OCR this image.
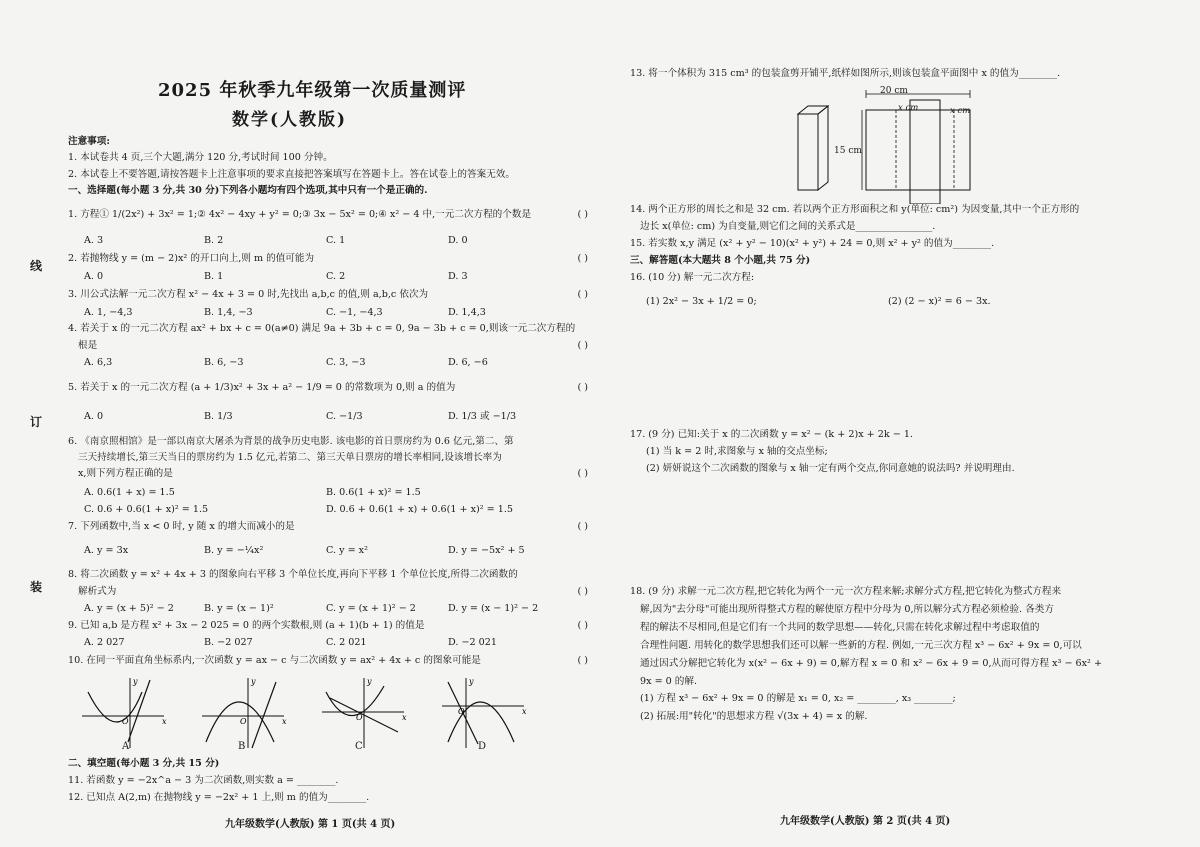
线
订
装
2025 年秋季九年级第一次质量测评
数学(人教版)
注意事项:
1. 本试卷共 4 页,三个大题,满分 120 分,考试时间 100 分钟。
2. 本试卷上不要答题,请按答题卡上注意事项的要求直接把答案填写在答题卡上。答在试卷上的答案无效。
一、选择题(每小题 3 分,共 30 分)下列各小题均有四个选项,其中只有一个是正确的.
1. 方程① 1/(2x²) + 3x² = 1;② 4x² − 4xy + y² = 0;③ 3x − 5x² = 0;④ x² − 4 中,一元二次方程的个数是	( )
A. 3	B. 2	C. 1	D. 0
2. 若抛物线 y = (m − 2)x² 的开口向上,则 m 的值可能为	( )
A. 0	B. 1	C. 2	D. 3
3. 川公式法解一元二次方程 x² − 4x + 3 = 0 时,先找出 a,b,c 的值,则 a,b,c 依次为	( )
A. 1, −4,3	B. 1,4, −3	C. −1, −4,3	D. 1,4,3
4. 若关于 x 的一元二次方程 ax² + bx + c = 0(a≠0) 满足 9a + 3b + c = 0, 9a − 3b + c = 0,则该一元二次方程的
根是	( )
A. 6,3	B. 6, −3	C. 3, −3	D. 6, −6
5. 若关于 x 的一元二次方程 (a + 1/3)x² + 3x + a² − 1/9 = 0 的常数项为 0,则 a 的值为	( )
A. 0	B. 1/3	C. −1/3	D. 1/3 或 −1/3
6. 《南京照相馆》是一部以南京大屠杀为背景的战争历史电影. 该电影的首日票房约为 0.6 亿元,第二、第
三天持续增长,第三天当日的票房约为 1.5 亿元,若第二、第三天单日票房的增长率相同,设该增长率为
x,则下列方程正确的是	( )
A. 0.6(1 + x) = 1.5	B. 0.6(1 + x)² = 1.5
C. 0.6 + 0.6(1 + x)² = 1.5	D. 0.6 + 0.6(1 + x) + 0.6(1 + x)² = 1.5
7. 下列函数中,当 x < 0 时, y 随 x 的增大而减小的是	( )
A. y = 3x	B. y = −¼x²	C. y = x²	D. y = −5x² + 5
8. 将二次函数 y = x² + 4x + 3 的图象向右平移 3 个单位长度,再向下平移 1 个单位长度,所得二次函数的
解析式为	( )
A. y = (x + 5)² − 2	B. y = (x − 1)²	C. y = (x + 1)² − 2	D. y = (x − 1)² − 2
9. 已知 a,b 是方程 x² + 3x − 2 025 = 0 的两个实数根,则 (a + 1)(b + 1) 的值是	( )
A. 2 027	B. −2 027	C. 2 021	D. −2 021
10. 在同一平面直角坐标系内,一次函数 y = ax − c 与二次函数 y = ax² + 4x + c 的图象可能是	( )
O	x
y
O	x
y
O	x
y
O	x
y
A	B	C	D
二、填空题(每小题 3 分,共 15 分)
11. 若函数 y = −2x^a − 3 为二次函数,则实数 a = ________.
12. 已知点 A(2,m) 在抛物线 y = −2x² + 1 上,则 m 的值为________.
九年级数学(人教版) 第 1 页(共 4 页)
13. 将一个体积为 315 cm³ 的包装盒剪开铺平,纸样如图所示,则该包装盒平面图中 x 的值为________.
20 cm
x cm	x cm
15 cm
14. 两个正方形的周长之和是 32 cm. 若以两个正方形面积之和 y(单位: cm²) 为因变量,其中一个正方形的
边长 x(单位: cm) 为自变量,则它们之间的关系式是________________.
15. 若实数 x,y 满足 (x² + y² − 10)(x² + y²) + 24 = 0,则 x² + y² 的值为________.
三、解答题(本大题共 8 个小题,共 75 分)
16. (10 分) 解一元二次方程:
(1) 2x² − 3x + 1/2 = 0;	(2) (2 − x)² = 6 − 3x.
17. (9 分) 已知:关于 x 的二次函数 y = x² − (k + 2)x + 2k − 1.
(1) 当 k = 2 时,求图象与 x 轴的交点坐标;
(2) 妍妍说这个二次函数的图象与 x 轴一定有两个交点,你同意她的说法吗? 并说明理由.
18. (9 分) 求解一元二次方程,把它转化为两个一元一次方程来解;求解分式方程,把它转化为整式方程来
解,因为"去分母"可能出现所得整式方程的解使原方程中分母为 0,所以解分式方程必须检验. 各类方
程的解法不尽相同,但是它们有一个共同的数学思想——转化,只需在转化求解过程中考虑取值的
合理性问题. 用转化的数学思想我们还可以解一些新的方程. 例如,一元三次方程 x³ − 6x² + 9x = 0,可以
通过因式分解把它转化为 x(x² − 6x + 9) = 0,解方程 x = 0 和 x² − 6x + 9 = 0,从而可得方程 x³ − 6x² +
9x = 0 的解.
(1) 方程 x³ − 6x² + 9x = 0 的解是 x₁ = 0, x₂ = ________, x₃ ________;
(2) 拓展:用"转化"的思想求方程 √(3x + 4) = x 的解.
九年级数学(人教版) 第 2 页(共 4 页)
